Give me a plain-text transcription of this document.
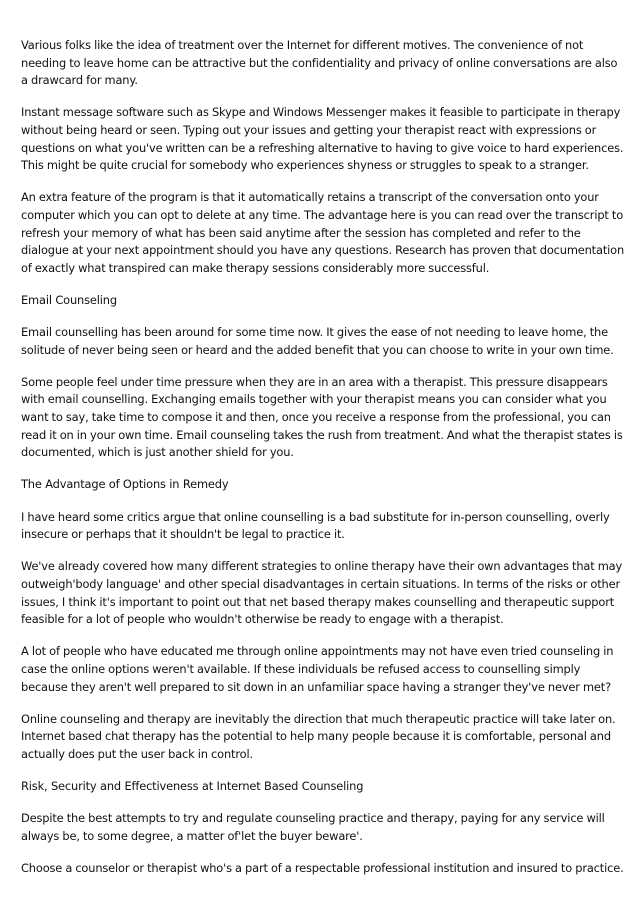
Various folks like the idea of treatment over the Internet for different motives. The convenience of not needing to leave home can be attractive but the confidentiality and privacy of online conversations are also a drawcard for many.

Instant message software such as Skype and Windows Messenger makes it feasible to participate in therapy without being heard or seen. Typing out your issues and getting your therapist react with expressions or questions on what you've written can be a refreshing alternative to having to give voice to hard experiences. This might be quite crucial for somebody who experiences shyness or struggles to speak to a stranger.

An extra feature of the program is that it automatically retains a transcript of the conversation onto your computer which you can opt to delete at any time. The advantage here is you can read over the transcript to refresh your memory of what has been said anytime after the session has completed and refer to the dialogue at your next appointment should you have any questions. Research has proven that documentation of exactly what transpired can make therapy sessions considerably more successful.

Email Counseling

Email counselling has been around for some time now. It gives the ease of not needing to leave home, the solitude of never being seen or heard and the added benefit that you can choose to write in your own time.

Some people feel under time pressure when they are in an area with a therapist. This pressure disappears with email counselling. Exchanging emails together with your therapist means you can consider what you want to say, take time to compose it and then, once you receive a response from the professional, you can read it on in your own time. Email counseling takes the rush from treatment. And what the therapist states is documented, which is just another shield for you.

The Advantage of Options in Remedy

I have heard some critics argue that online counselling is a bad substitute for in-person counselling, overly insecure or perhaps that it shouldn't be legal to practice it.

We've already covered how many different strategies to online therapy have their own advantages that may outweigh'body language' and other special disadvantages in certain situations. In terms of the risks or other issues, I think it's important to point out that net based therapy makes counselling and therapeutic support feasible for a lot of people who wouldn't otherwise be ready to engage with a therapist.

A lot of people who have educated me through online appointments may not have even tried counseling in case the online options weren't available. If these individuals be refused access to counselling simply because they aren't well prepared to sit down in an unfamiliar space having a stranger they've never met?

Online counseling and therapy are inevitably the direction that much therapeutic practice will take later on. Internet based chat therapy has the potential to help many people because it is comfortable, personal and actually does put the user back in control.

Risk, Security and Effectiveness at Internet Based Counseling

Despite the best attempts to try and regulate counseling practice and therapy, paying for any service will always be, to some degree, a matter of'let the buyer beware'.

Choose a counselor or therapist who's a part of a respectable professional institution and insured to practice.
